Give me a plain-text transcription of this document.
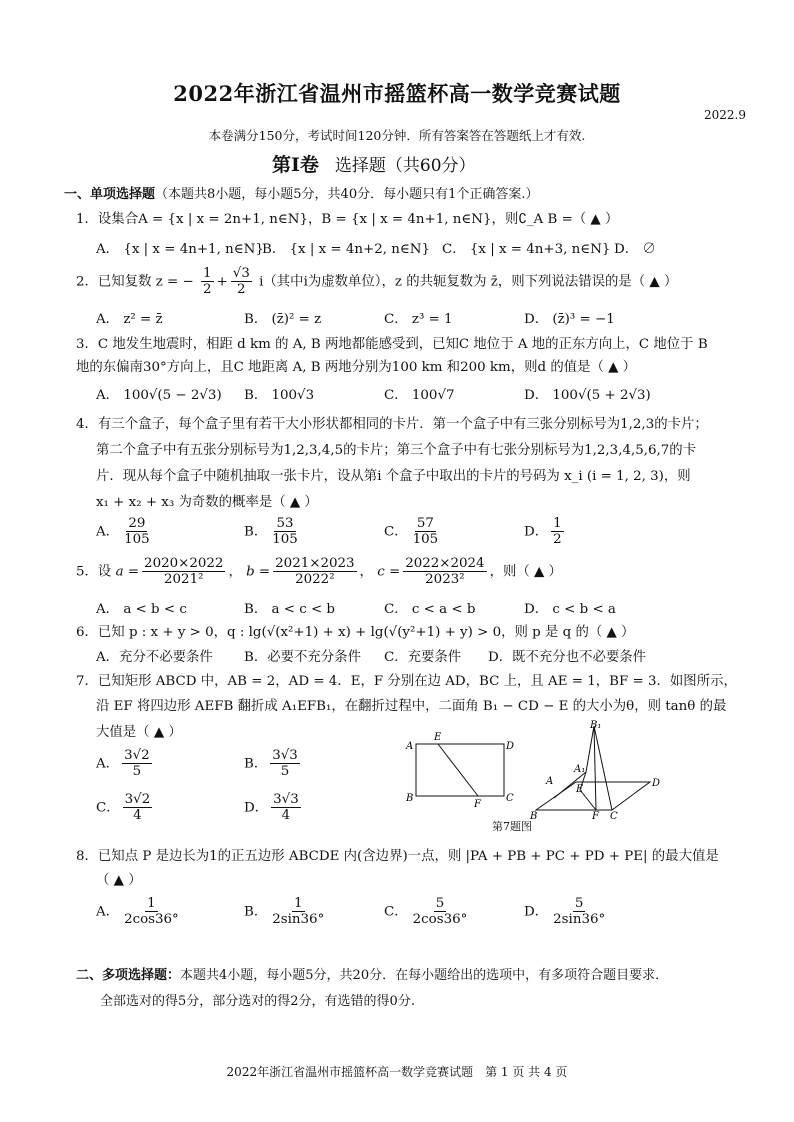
2022年浙江省温州市摇篮杯高一数学竞赛试题
2022.9
本卷满分150分，考试时间120分钟．所有答案答在答题纸上才有效.
第Ⅰ卷 选择题（共60分）
一、单项选择题（本题共8小题，每小题5分，共40分．每小题只有1个正确答案.）
1．设集合A = {x | x = 2n+1, n∈N}，B = {x | x = 4n+1, n∈N}，则∁_A B =（ ▲ ）
A． {x | x = 4n+1, n∈N}
B． {x | x = 4n+2, n∈N} C． {x | x = 4n+3, n∈N} D． ∅
2．已知复数 z = − $\frac{1}{2} + \frac{√3}{2} i$（其中i为虚数单位），z 的共轭复数为 z̄，则下列说法错误的是（ ▲ ）
A． z² = z̄	B． (z̄)² = z	C． z³ = 1	D． (z̄)³ = −1
3．C 地发生地震时，相距 d km 的 A, B 两地都能感受到，已知C 地位于 A 地的正东方向上，C 地位于 B
地的东偏南30°方向上，且C 地距离 A, B 两地分别为100 km 和200 km，则d 的值是（ ▲ ）
A． 100√(5 − 2√3) B． 100√3	C． 100√7	D． 100√(5 + 2√3)
4．有三个盒子，每个盒子里有若干大小形状都相同的卡片．第一个盒子中有三张分别标号为1,2,3的卡片；
第二个盒子中有五张分别标号为1,2,3,4,5的卡片；第三个盒子中有七张分别标号为1,2,3,4,5,6,7的卡
片．现从每个盒子中随机抽取一张卡片，设从第i 个盒子中取出的卡片的号码为 x_i (i = 1, 2, 3)，则
x₁ + x₂ + x₃ 为奇数的概率是（ ▲ ）
A． $\frac{29}{105}$	B． $\frac{53}{105}$	C． $\frac{57}{105}$	D． $\frac{1}{2}$
5．设 $a = \frac{2020\times 2022}{\text{2021²}}$ ， $b = \frac{2021\times 2023}{\text{2022²}}$ ， $c = \frac{2022\times 2024}{\text{2023²}}$ ，则（ ▲ ）
A． a < b < c	B． a < c < b	C． c < a < b	D． c < b < a
6．已知 p : x + y > 0，q : lg(√(x²+1) + x) + lg(√(y²+1) + y) > 0，则 p 是 q 的（ ▲ ）
A．充分不必要条件 B．必要不充分条件 C．充要条件 D．既不充分也不必要条件
7．已知矩形 ABCD 中，AB = 2，AD = 4．E，F 分别在边 AD，BC 上，且 AE = 1，BF = 3．如图所示，
沿 EF 将四边形 AEFB 翻折成 A₁EFB₁，在翻折过程中，二面角 B₁ − CD − E 的大小为θ，则 tanθ 的最
大值是（ ▲ ）
A． $\frac{3√2}{5}$	B． $\frac{3√3}{5}$
C． $\frac{3√2}{4}$	D． $\frac{3√3}{4}$
A
E
D
B
F
C
B₁
A₁
A
E
D
B	F C
第7题图
8．已知点 P 是边长为1的正五边形 ABCDE 内(含边界)一点，则 |PA + PB + PC + PD + PE| 的最大值是
（ ▲ ）
A． $\frac{1}{2\cos 36^\circ}$	B． $\frac{1}{2\sin 36^\circ}$	C． $\frac{5}{2\cos 36^\circ}$	D． $\frac{5}{2\sin 36^\circ}$
二、多项选择题：本题共4小题，每小题5分，共20分．在每小题给出的选项中，有多项符合题目要求．
全部选对的得5分，部分选对的得2分，有选错的得0分.
2022年浙江省温州市摇篮杯高一数学竞赛试题　第 1 页 共 4 页
